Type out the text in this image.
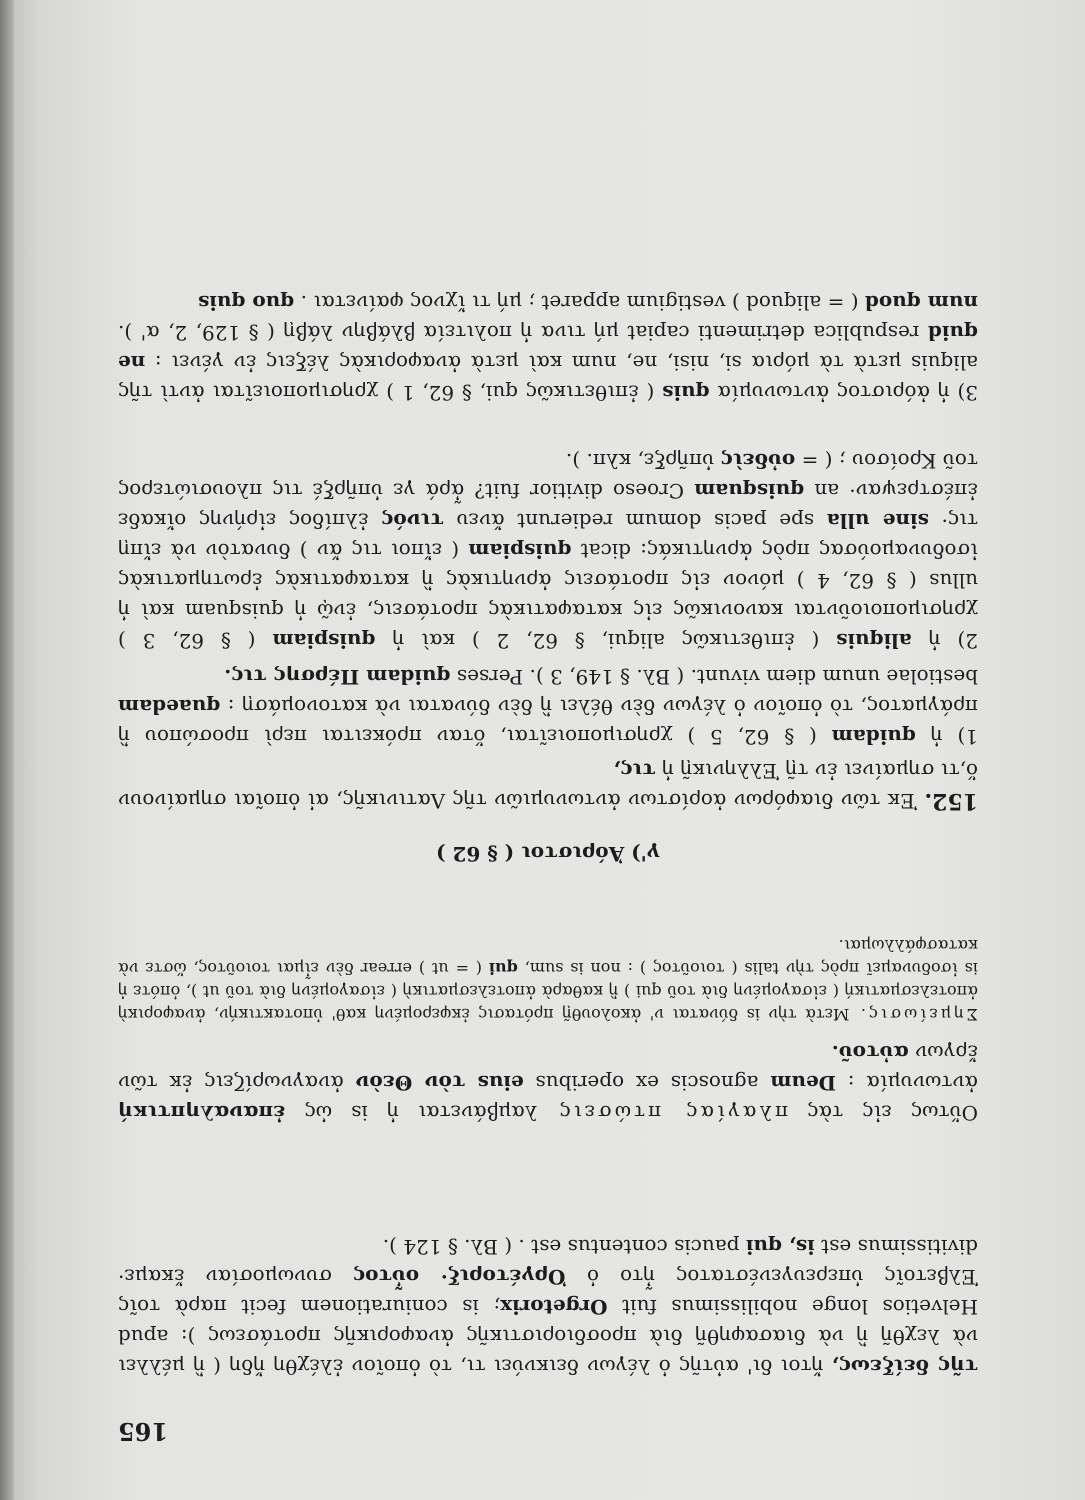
165

τῆς δείξεως, ἤτοι δι' αὐτῆς ὁ λέγων δεικνύει τι, τὸ ὁποῖον ἐλέχθη ἤδη ( ἢ μέλλει νὰ λεχθῆ ἢ νὰ διασαφηθῆ διὰ προσδιοριστικῆς ἀναφορικῆς προτάσεως ): apud Helvetios longe nobilissimus fuit Orgetorix; is coniurationem fecit παρὰ τοῖς Ἑλβετοῖς ὑπερευγενέστατος ἦτο ὁ Ὀργέτοριξ· οὗτος συνωμοσίαν ἔκαμε· divitissimus est is, qui paucis contentus est . ( Βλ. § 124 ).

Οὕτως εἰς τὰς πλαγίας πτώσεις λαμβάνεται ἡ is ὡς ἐπαναληπτική ἀντωνυμία : Deum agnoscis ex operibus eius τὸν Θεὸν ἀναγνωρίζεις ἐκ τῶν ἔργων αὐτοῦ.

Σημείωσις. Μετὰ τὴν is δύναται ν' ἀκολουθῇ πρότασις ἐκφερομένη καθ' ὑποτακτικήν, ἀναφορικὴ ἀποτελεσματική ( εἰσαγομένη διὰ τοῦ qui ) ἢ καθαρὰ ἀποτελεσματικὴ ( εἰσαγομένη διὰ τοῦ ut ), ὁπότε ἡ is ἰσοδυναμεῖ πρὸς τὴν talis ( τοιοῦτος ) : non is sum, qui ( = ut ) errear δὲν εἶμαι τοιοῦτος, ὥστε νὰ κατασφάλλωμαι.

γ') Ἀόριστοι ( § 62 )

152. Ἐκ τῶν διαφόρων ἀορίστων ἀντωνυμιῶν τῆς Λατινικῆς, αἱ ὁποῖαι σημαίνουν ὅ,τι σημαίνει ἐν τῇ Ἑλληνικῇ ἡ τις,

1) ἡ quidam ( § 62, 5 ) χρησιμοποιεῖται, ὅταν πρόκειται περὶ προσώπου ἢ πράγματος, τὸ ὁποῖον ὁ λέγων δὲν θέλει ἢ δὲν δύναται νὰ κατονομάσῃ : quaedam bestiolae unum diem vivunt. ( Βλ. § 149, 3 ). Perses quidam Πέρσης τις.

2) ἡ aliquis ( ἐπιθετικῶς aliqui, § 62, 2 ) καὶ ἡ quispiam ( § 62, 3 ) χρησιμοποιοῦνται κανονικῶς εἰς καταφατικὰς προτάσεις, ἐνῷ ἡ quisquam καὶ ἡ ullus ( § 62, 4 ) μόνον εἰς προτάσεις ἀρνητικὰς ἢ καταφατικὰς ἐρωτηματικὰς ἰσοδυναμούσας πρὸς ἀρνητικάς: dicat quispiam ( εἴποι τις ἄν ) δυνατὸν νὰ εἴπῃ τις· sine ulla spe pacis domum redierunt ἄνευ τινός ἐλπίδος εἰρήνης οἴκαδε ἐπέστρεψαν· an quisquam Croeso divitior fuit? ἆρά γε ὑπῆρξέ τις πλουσιώτερος τοῦ Κροίσου ; ( = οὐδεὶς ὑπῆρξε, κλπ. ).

3) ἡ ἀόριστος ἀντωνυμία quis ( ἐπιθετικῶς qui, § 62, 1 ) χρησιμοποιεῖται ἀντὶ τῆς aliquis μετὰ τὰ μόρια si, nisi, ne, num καὶ μετὰ ἀναφορικὰς λέξεις ἐν γένει : ne quid respublica detrimenti capiat μή τινα ἡ πολιτεία βλάβην λάβῃ ( § 129, 2, α' ). num quod ( = aliquod ) vestigium apparet ; μή τι ἴχνος φαίνεται . quo quis
